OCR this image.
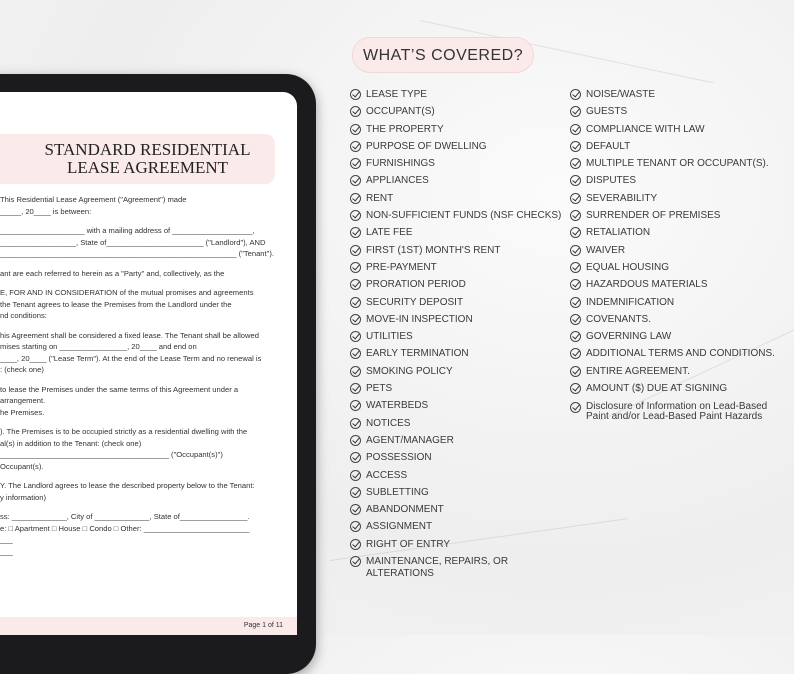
STANDARD RESIDENTIAL
LEASE AGREEMENT

This Residential Lease Agreement ("Agreement") made

_____, 20____ is between:

____________________ with a mailing address of ___________________,

__________________, State of_______________________ ("Landlord"), AND

________________________________________________________ ("Tenant").

ant are each referred to herein as a "Party" and, collectively, as the

E, FOR AND IN CONSIDERATION of the mutual promises and agreements

the Tenant agrees to lease the Premises from the Landlord under the

nd conditions:

his Agreement shall be considered a fixed lease. The Tenant shall be allowed

mises starting on ________________, 20____ and end on

____, 20____ ("Lease Term"). At the end of the Lease Term and no renewal is

: (check one)

to lease the Premises under the same terms of this Agreement under a

arrangement.

he Premises.

). The Premises is to be occupied strictly as a residential dwelling with the

al(s) in addition to the Tenant: (check one)

________________________________________ ("Occupant(s)")

Occupant(s).

Y. The Landlord agrees to lease the described property below to the Tenant:

y information)

ss: _____________, City of _____________, State of________________.

e: □ Apartment □ House □ Condo □ Other: _________________________

___

___

Page 1 of 11
WHAT’S COVERED?
LEASE TYPE
OCCUPANT(S)
THE PROPERTY
PURPOSE OF DWELLING
FURNISHINGS
APPLIANCES
RENT
NON-SUFFICIENT FUNDS (NSF CHECKS)
LATE FEE
FIRST (1ST) MONTH'S RENT
PRE-PAYMENT
PRORATION PERIOD
SECURITY DEPOSIT
MOVE-IN INSPECTION
UTILITIES
EARLY TERMINATION
SMOKING POLICY
PETS
WATERBEDS
NOTICES
AGENT/MANAGER
POSSESSION
ACCESS
SUBLETTING
ABANDONMENT
ASSIGNMENT
RIGHT OF ENTRY
MAINTENANCE, REPAIRS, OR ALTERATIONS
NOISE/WASTE
GUESTS
COMPLIANCE WITH LAW
DEFAULT
MULTIPLE TENANT OR OCCUPANT(S).
DISPUTES
SEVERABILITY
SURRENDER OF PREMISES
RETALIATION
WAIVER
EQUAL HOUSING
HAZARDOUS MATERIALS
INDEMNIFICATION
COVENANTS.
GOVERNING LAW
ADDITIONAL TERMS AND CONDITIONS.
ENTIRE AGREEMENT.
AMOUNT ($) DUE AT SIGNING
Disclosure of Information on Lead-Based Paint and/or Lead-Based Paint Hazards
